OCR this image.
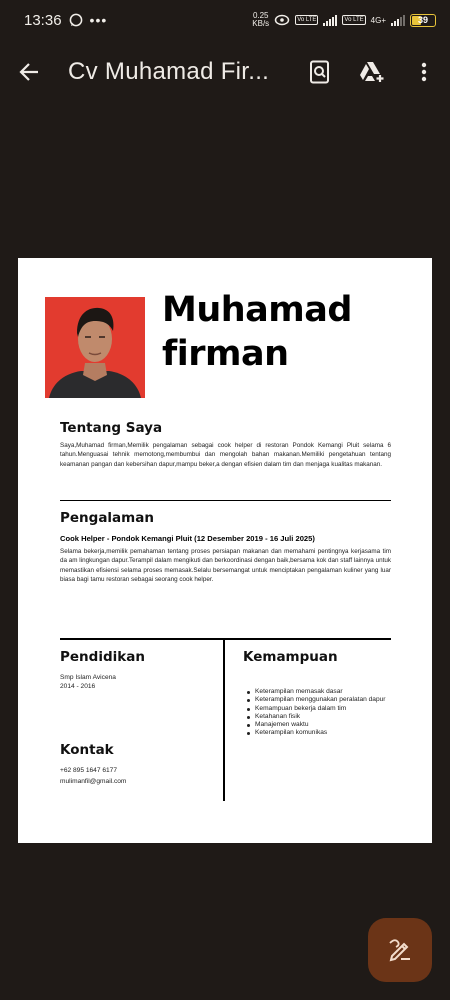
13:36 •••	0.25
KB/s	Vo LTE	Vo LTE 4G+	39
Cv Muhamad Fir...
Muhamad
firman
Tentang Saya
Saya,Muhamad firman,Memilik pengalaman sebagai cook helper di restoran Pondok Kemangi Pluit selama 6 tahun.Menguasai tehnik memotong,membumbui dan mengolah bahan makanan.Memiliki pengetahuan tentang keamanan pangan dan kebersihan dapur,mampu beker,a dengan efisien dalam tim dan menjaga kualitas makanan.
Pengalaman
Cook Helper - Pondok Kemangi Pluit (12 Desember 2019 - 16 Juli 2025)
Selama bekerja,memilik pemahaman tentang proses persiapan makanan dan memahami pentingnya kerjasama tim da am lingkungan dapur.Terampil dalam mengikuti dan berkoordinasi dengan baik,bersama kok dan staff lainnya untuk memastikan efisiensi selama proses memasak.Selalu bersemangat untuk menciptakan pengalaman kuliner yang luar biasa bagi tamu restoran sebagai seorang cook helper.
Pendidikan
Smp Islam Avicena
2014 - 2016
Kontak
+62 895 1647 6177
mulimanfil@gmail.com
Kemampuan
Keterampilan memasak dasar
Keterampilan menggunakan peralatan dapur
Kemampuan bekerja dalam tim
Ketahanan fisik
Manajemen waktu
Keterampilan komunikas
